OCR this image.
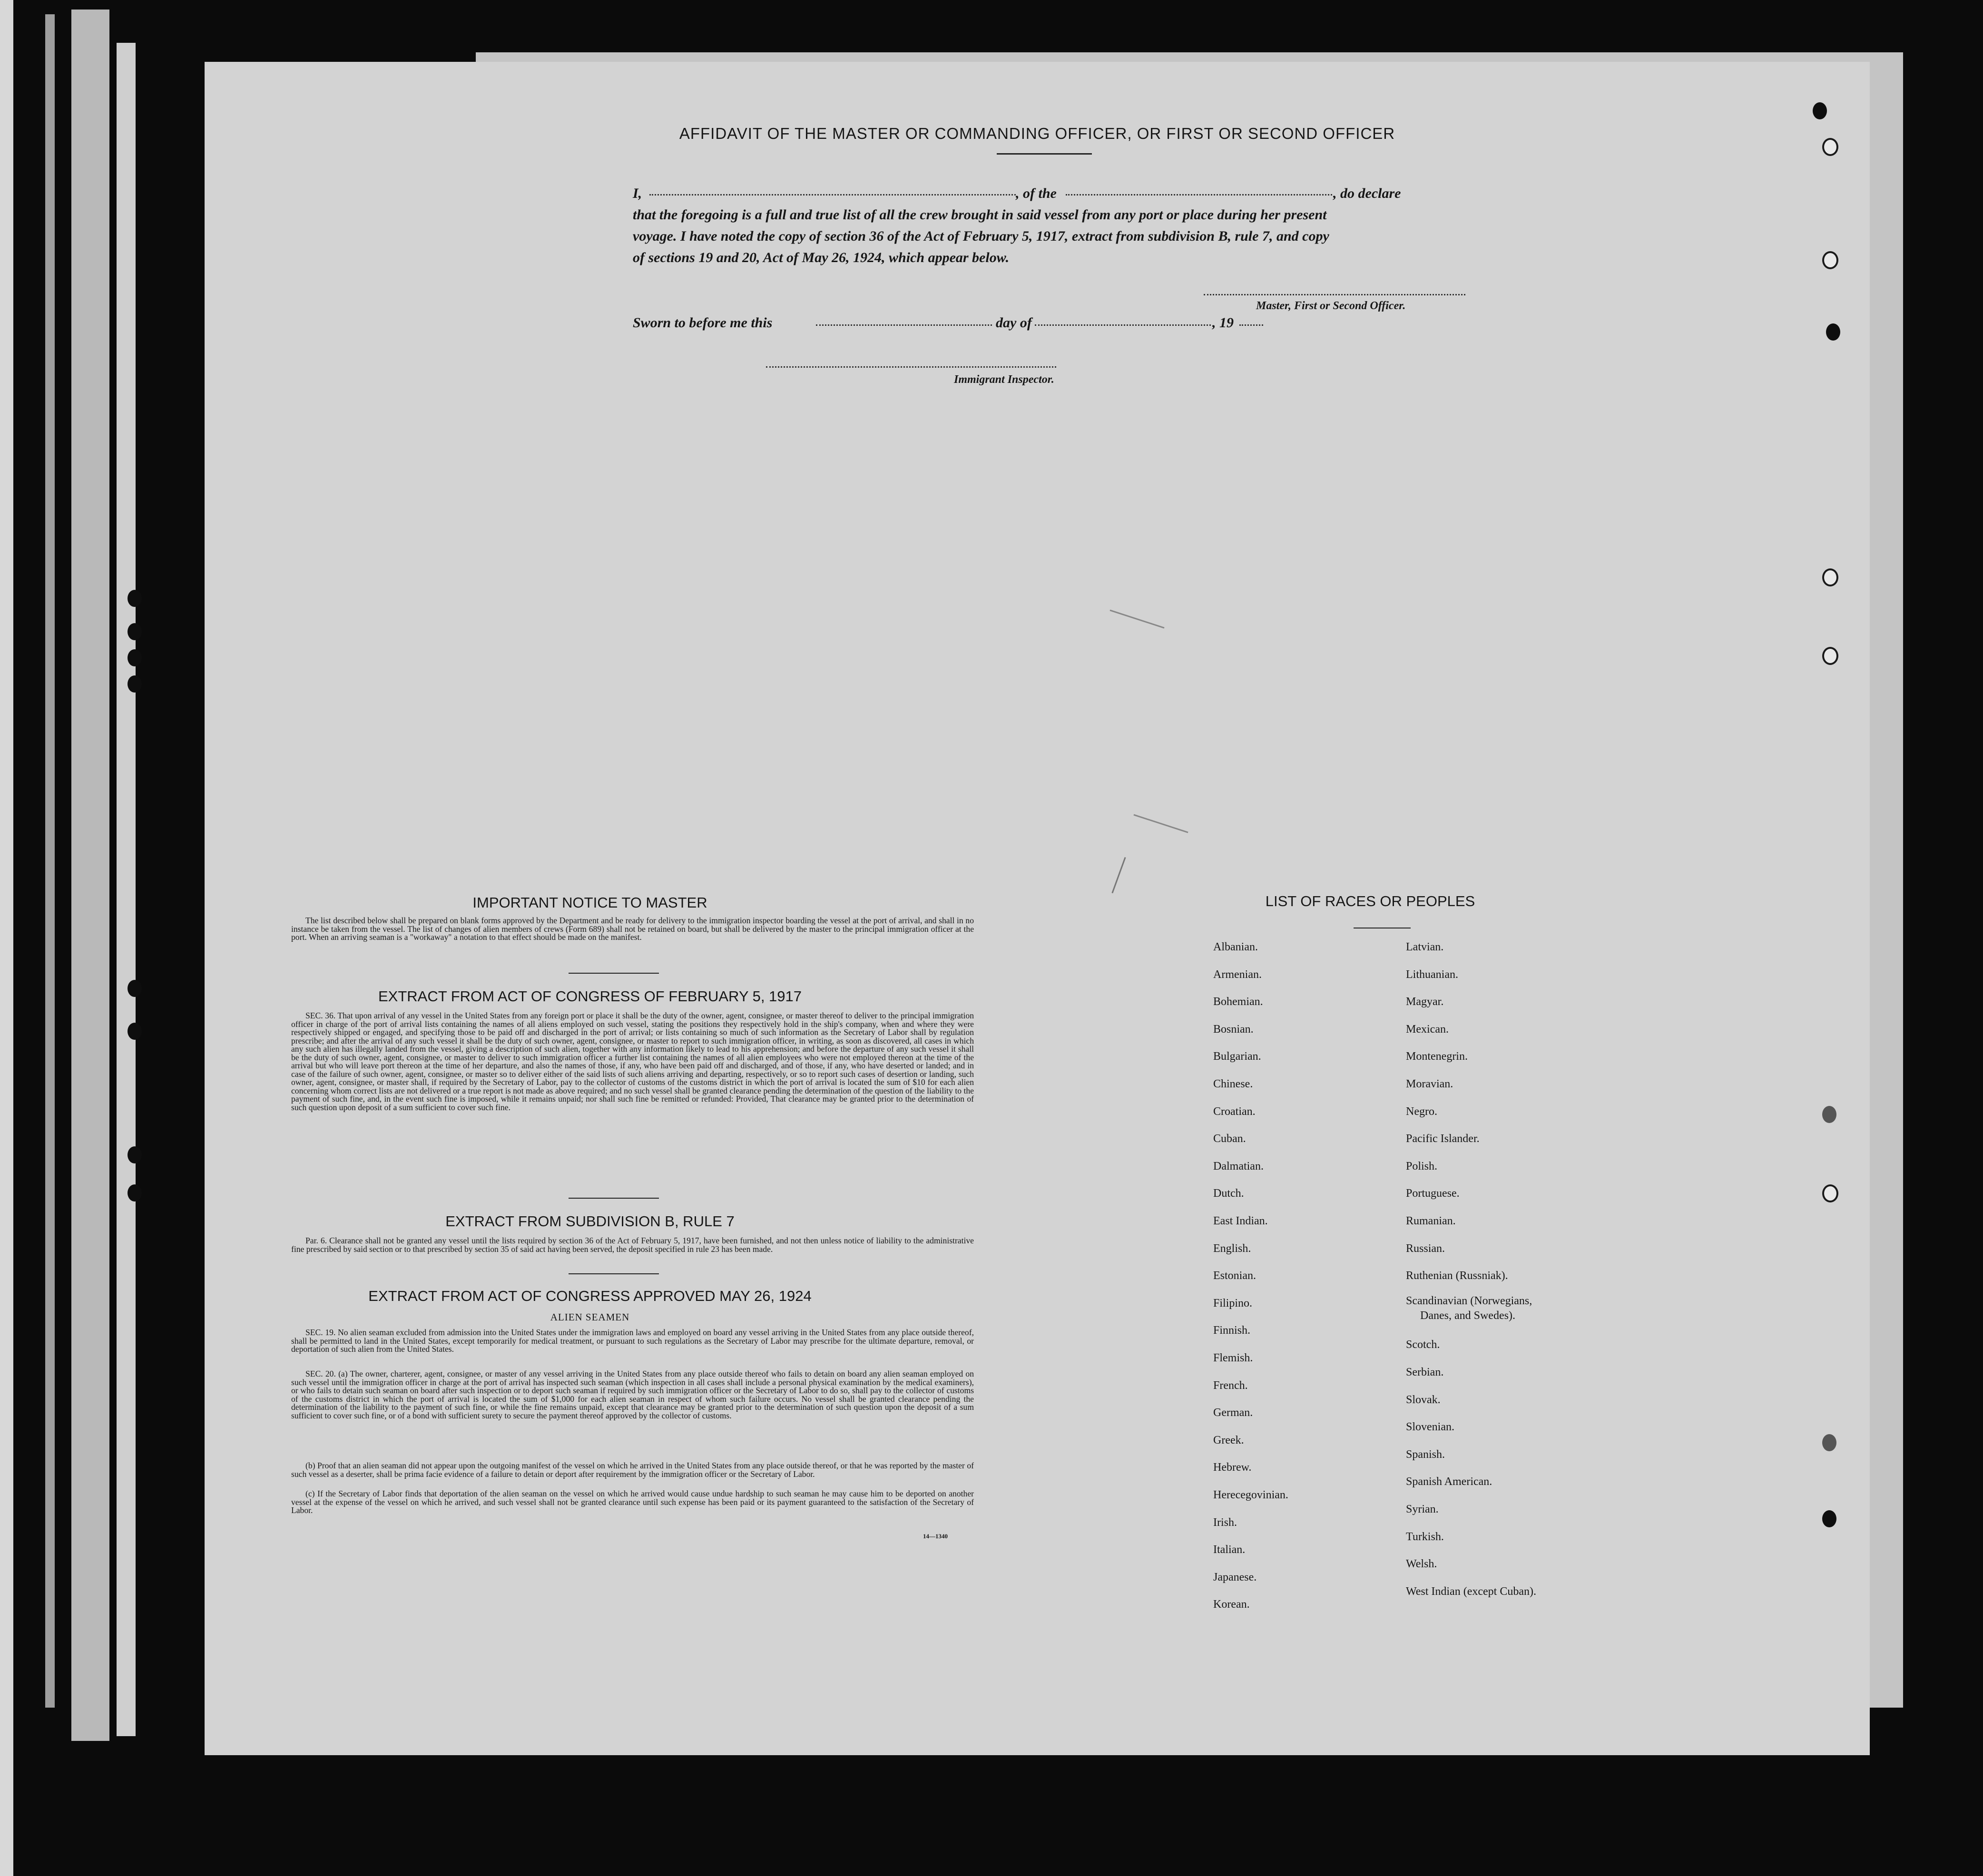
AFFIDAVIT OF THE MASTER OR COMMANDING OFFICER, OR FIRST OR SECOND OFFICER
I,	, of the	, do declare
that the foregoing is a full and true list of all the crew brought in said vessel from any port or place during her present
voyage. I have noted the copy of section 36 of the Act of February 5, 1917, extract from subdivision B, rule 7, and copy
of sections 19 and 20, Act of May 26, 1924, which appear below.
Master, First or Second Officer.
Sworn to before me this	day of	, 19
Immigrant Inspector.
IMPORTANT NOTICE TO MASTER
The list described below shall be prepared on blank forms approved by the Department and be ready for delivery to the immigration inspector boarding the vessel at the port of arrival, and shall in no instance be taken from the vessel. The list of changes of alien members of crews (Form 689) shall not be retained on board, but shall be delivered by the master to the principal immigration officer at the port. When an arriving seaman is a "workaway" a notation to that effect should be made on the manifest.
EXTRACT FROM ACT OF CONGRESS OF FEBRUARY 5, 1917
SEC. 36. That upon arrival of any vessel in the United States from any foreign port or place it shall be the duty of the owner, agent, consignee, or master thereof to deliver to the principal immigration officer in charge of the port of arrival lists containing the names of all aliens employed on such vessel, stating the positions they respectively hold in the ship's company, when and where they were respectively shipped or engaged, and specifying those to be paid off and discharged in the port of arrival; or lists containing so much of such information as the Secretary of Labor shall by regulation prescribe; and after the arrival of any such vessel it shall be the duty of such owner, agent, consignee, or master to report to such immigration officer, in writing, as soon as discovered, all cases in which any such alien has illegally landed from the vessel, giving a description of such alien, together with any information likely to lead to his apprehension; and before the departure of any such vessel it shall be the duty of such owner, agent, consignee, or master to deliver to such immigration officer a further list containing the names of all alien employees who were not employed thereon at the time of the arrival but who will leave port thereon at the time of her departure, and also the names of those, if any, who have been paid off and discharged, and of those, if any, who have deserted or landed; and in case of the failure of such owner, agent, consignee, or master so to deliver either of the said lists of such aliens arriving and departing, respectively, or so to report such cases of desertion or landing, such owner, agent, consignee, or master shall, if required by the Secretary of Labor, pay to the collector of customs of the customs district in which the port of arrival is located the sum of $10 for each alien concerning whom correct lists are not delivered or a true report is not made as above required; and no such vessel shall be granted clearance pending the determination of the question of the liability to the payment of such fine, and, in the event such fine is imposed, while it remains unpaid; nor shall such fine be remitted or refunded: Provided, That clearance may be granted prior to the determination of such question upon deposit of a sum sufficient to cover such fine.
EXTRACT FROM SUBDIVISION B, RULE 7
Par. 6. Clearance shall not be granted any vessel until the lists required by section 36 of the Act of February 5, 1917, have been furnished, and not then unless notice of liability to the administrative fine prescribed by said section or to that prescribed by section 35 of said act having been served, the deposit specified in rule 23 has been made.
EXTRACT FROM ACT OF CONGRESS APPROVED MAY 26, 1924
ALIEN SEAMEN
SEC. 19. No alien seaman excluded from admission into the United States under the immigration laws and employed on board any vessel arriving in the United States from any place outside thereof, shall be permitted to land in the United States, except temporarily for medical treatment, or pursuant to such regulations as the Secretary of Labor may prescribe for the ultimate departure, removal, or deportation of such alien from the United States.
SEC. 20. (a) The owner, charterer, agent, consignee, or master of any vessel arriving in the United States from any place outside thereof who fails to detain on board any alien seaman employed on such vessel until the immigration officer in charge at the port of arrival has inspected such seaman (which inspection in all cases shall include a personal physical examination by the medical examiners), or who fails to detain such seaman on board after such inspection or to deport such seaman if required by such immigration officer or the Secretary of Labor to do so, shall pay to the collector of customs of the customs district in which the port of arrival is located the sum of $1,000 for each alien seaman in respect of whom such failure occurs. No vessel shall be granted clearance pending the determination of the liability to the payment of such fine, or while the fine remains unpaid, except that clearance may be granted prior to the determination of such question upon the deposit of a sum sufficient to cover such fine, or of a bond with sufficient surety to secure the payment thereof approved by the collector of customs.
(b) Proof that an alien seaman did not appear upon the outgoing manifest of the vessel on which he arrived in the United States from any place outside thereof, or that he was reported by the master of such vessel as a deserter, shall be prima facie evidence of a failure to detain or deport after requirement by the immigration officer or the Secretary of Labor.
(c) If the Secretary of Labor finds that deportation of the alien seaman on the vessel on which he arrived would cause undue hardship to such seaman he may cause him to be deported on another vessel at the expense of the vessel on which he arrived, and such vessel shall not be granted clearance until such expense has been paid or its payment guaranteed to the satisfaction of the Secretary of Labor.
14—1340
LIST OF RACES OR PEOPLES
Albanian.
Armenian.
Bohemian.
Bosnian.
Bulgarian.
Chinese.
Croatian.
Cuban.
Dalmatian.
Dutch.
East Indian.
English.
Estonian.
Filipino.
Finnish.
Flemish.
French.
German.
Greek.
Hebrew.
Herecegovinian.
Irish.
Italian.
Japanese.
Korean.
Latvian.
Lithuanian.
Magyar.
Mexican.
Montenegrin.
Moravian.
Negro.
Pacific Islander.
Polish.
Portuguese.
Rumanian.
Russian.
Ruthenian (Russniak).
Scandinavian (Norwegians,
Danes, and Swedes).
Scotch.
Serbian.
Slovak.
Slovenian.
Spanish.
Spanish American.
Syrian.
Turkish.
Welsh.
West Indian (except Cuban).
